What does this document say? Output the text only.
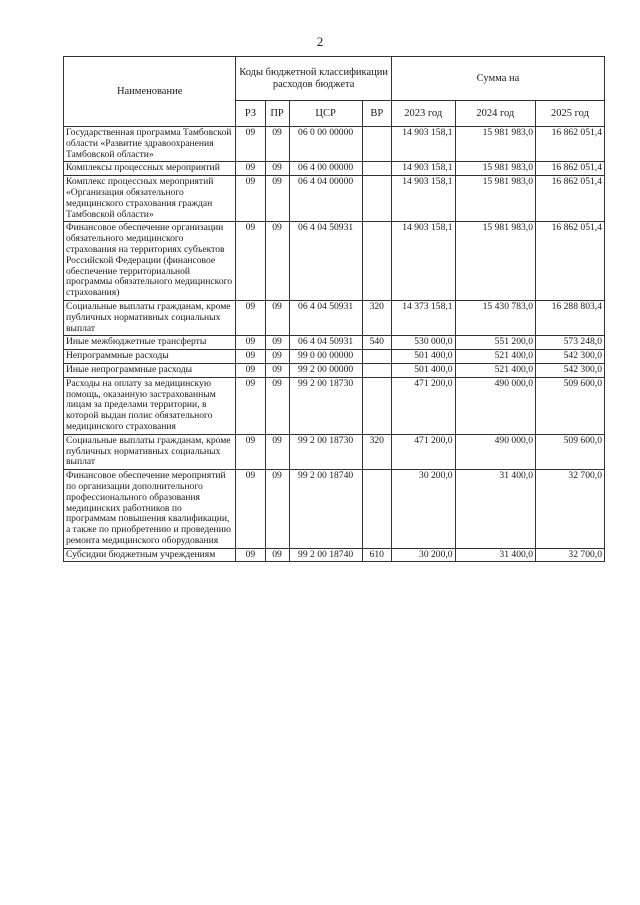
2
Наименование	Коды бюджетной классификации расходов бюджета				Сумма на		
	РЗ	ПР	ЦСР	ВР	2023 год	2024 год	2025 год
Государственная программа Тамбовской области «Развитие здравоохранения Тамбовской области»	09	09	06 0 00 00000		14 903 158,1	15 981 983,0	16 862 051,4
Комплексы процессных мероприятий	09	09	06 4 00 00000		14 903 158,1	15 981 983,0	16 862 051,4
Комплекс процессных мероприятий «Организация обязательного медицинского страхования граждан Тамбовской области»	09	09	06 4 04 00000		14 903 158,1	15 981 983,0	16 862 051,4
Финансовое обеспечение организации обязательного медицинского страхования на территориях субъектов Российской Федерации (финансовое обеспечение территориальной программы обязательного медицинского страхования)	09	09	06 4 04 50931		14 903 158,1	15 981 983,0	16 862 051,4
Социальные выплаты гражданам, кроме публичных нормативных социальных выплат	09	09	06 4 04 50931	320	14 373 158,1	15 430 783,0	16 288 803,4
Иные межбюджетные трансферты	09	09	06 4 04 50931	540	530 000,0	551 200,0	573 248,0
Непрограммные расходы	09	09	99 0 00 00000		501 400,0	521 400,0	542 300,0
Иные непрограммные расходы	09	09	99 2 00 00000		501 400,0	521 400,0	542 300,0
Расходы на оплату за медицинскую помощь, оказанную застрахованным лицам за пределами территории, в которой выдан полис обязательного медицинского страхования	09	09	99 2 00 18730		471 200,0	490 000,0	509 600,0
Социальные выплаты гражданам, кроме публичных нормативных социальных выплат	09	09	99 2 00 18730	320	471 200,0	490 000,0	509 600,0
Финансовое обеспечение мероприятий по организации дополнительного профессионального образования медицинских работников по программам повышения квалификации, а также по приобретению и проведению ремонта медицинского оборудования	09	09	99 2 00 18740		30 200,0	31 400,0	32 700,0
Субсидии бюджетным учреждениям	09	09	99 2 00 18740	610	30 200,0	31 400,0	32 700,0
